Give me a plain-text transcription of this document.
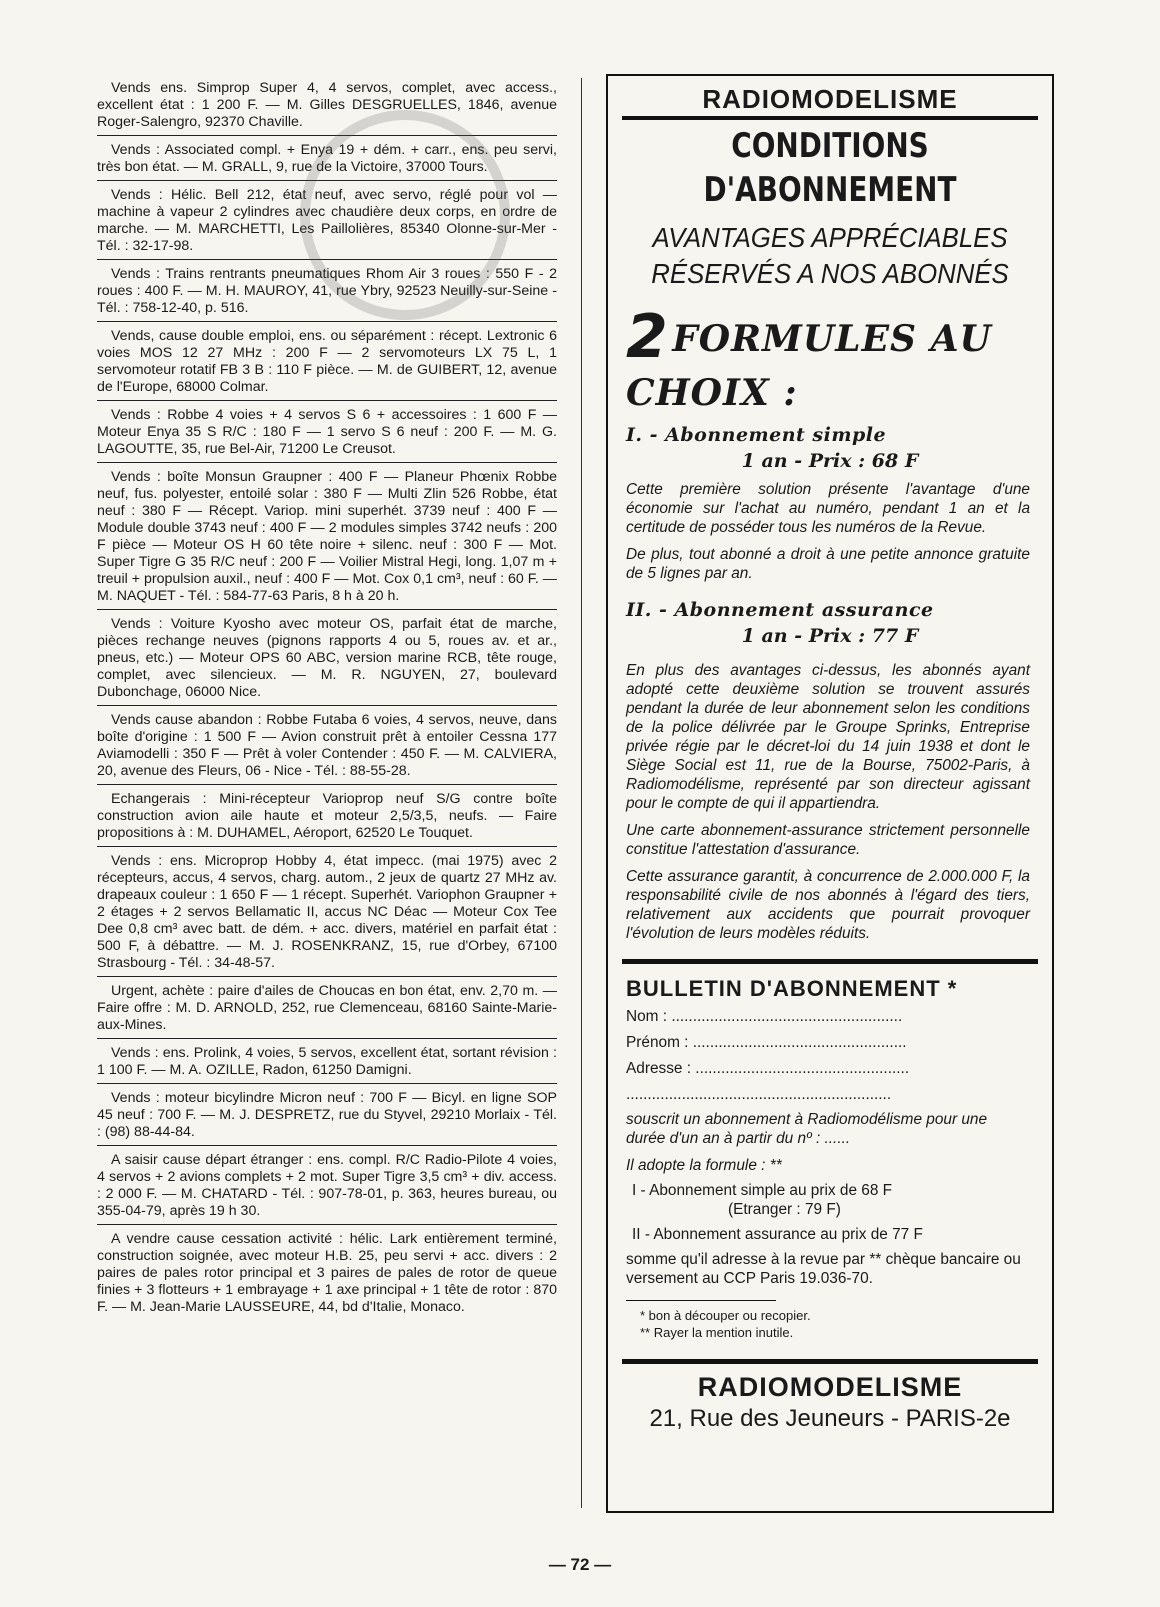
Vends ens. Simprop Super 4, 4 servos, complet, avec access., excellent état : 1 200 F. — M. Gilles DESGRUELLES, 1846, avenue Roger-Salengro, 92370 Chaville.
Vends : Associated compl. + Enya 19 + dém. + carr., ens. peu servi, très bon état. — M. GRALL, 9, rue de la Victoire, 37000 Tours.
Vends : Hélic. Bell 212, état neuf, avec servo, réglé pour vol — machine à vapeur 2 cylindres avec chaudière deux corps, en ordre de marche. — M. MARCHETTI, Les Paillolières, 85340 Olonne-sur-Mer - Tél. : 32-17-98.
Vends : Trains rentrants pneumatiques Rhom Air 3 roues : 550 F - 2 roues : 400 F. — M. H. MAUROY, 41, rue Ybry, 92523 Neuilly-sur-Seine - Tél. : 758-12-40, p. 516.
Vends, cause double emploi, ens. ou séparément : récept. Lextronic 6 voies MOS 12 27 MHz : 200 F — 2 servomoteurs LX 75 L, 1 servomoteur rotatif FB 3 B : 110 F pièce. — M. de GUIBERT, 12, avenue de l'Europe, 68000 Colmar.
Vends : Robbe 4 voies + 4 servos S 6 + accessoires : 1 600 F — Moteur Enya 35 S R/C : 180 F — 1 servo S 6 neuf : 200 F. — M. G. LAGOUTTE, 35, rue Bel-Air, 71200 Le Creusot.
Vends : boîte Monsun Graupner : 400 F — Planeur Phœnix Robbe neuf, fus. polyester, entoilé solar : 380 F — Multi Zlin 526 Robbe, état neuf : 380 F — Récept. Variop. mini superhét. 3739 neuf : 400 F — Module double 3743 neuf : 400 F — 2 modules simples 3742 neufs : 200 F pièce — Moteur OS H 60 tête noire + silenc. neuf : 300 F — Mot. Super Tigre G 35 R/C neuf : 200 F — Voilier Mistral Hegi, long. 1,07 m + treuil + propulsion auxil., neuf : 400 F — Mot. Cox 0,1 cm³, neuf : 60 F. — M. NAQUET - Tél. : 584-77-63 Paris, 8 h à 20 h.
Vends : Voiture Kyosho avec moteur OS, parfait état de marche, pièces rechange neuves (pignons rapports 4 ou 5, roues av. et ar., pneus, etc.) — Moteur OPS 60 ABC, version marine RCB, tête rouge, complet, avec silencieux. — M. R. NGUYEN, 27, boulevard Dubonchage, 06000 Nice.
Vends cause abandon : Robbe Futaba 6 voies, 4 servos, neuve, dans boîte d'origine : 1 500 F — Avion construit prêt à entoiler Cessna 177 Aviamodelli : 350 F — Prêt à voler Contender : 450 F. — M. CALVIERA, 20, avenue des Fleurs, 06 - Nice - Tél. : 88-55-28.
Echangerais : Mini-récepteur Varioprop neuf S/G contre boîte construction avion aile haute et moteur 2,5/3,5, neufs. — Faire propositions à : M. DUHAMEL, Aéroport, 62520 Le Touquet.
Vends : ens. Microprop Hobby 4, état impecc. (mai 1975) avec 2 récepteurs, accus, 4 servos, charg. autom., 2 jeux de quartz 27 MHz av. drapeaux couleur : 1 650 F — 1 récept. Superhét. Variophon Graupner + 2 étages + 2 servos Bellamatic II, accus NC Déac — Moteur Cox Tee Dee 0,8 cm³ avec batt. de dém. + acc. divers, matériel en parfait état : 500 F, à débattre. — M. J. ROSENKRANZ, 15, rue d'Orbey, 67100 Strasbourg - Tél. : 34-48-57.
Urgent, achète : paire d'ailes de Choucas en bon état, env. 2,70 m. — Faire offre : M. D. ARNOLD, 252, rue Clemenceau, 68160 Sainte-Marie-aux-Mines.
Vends : ens. Prolink, 4 voies, 5 servos, excellent état, sortant révision : 1 100 F. — M. A. OZILLE, Radon, 61250 Damigni.
Vends : moteur bicylindre Micron neuf : 700 F — Bicyl. en ligne SOP 45 neuf : 700 F. — M. J. DESPRETZ, rue du Styvel, 29210 Morlaix - Tél. : (98) 88-44-84.
A saisir cause départ étranger : ens. compl. R/C Radio-Pilote 4 voies, 4 servos + 2 avions complets + 2 mot. Super Tigre 3,5 cm³ + div. access. : 2 000 F. — M. CHATARD - Tél. : 907-78-01, p. 363, heures bureau, ou 355-04-79, après 19 h 30.
A vendre cause cessation activité : hélic. Lark entièrement terminé, construction soignée, avec moteur H.B. 25, peu servi + acc. divers : 2 paires de pales rotor principal et 3 paires de pales de rotor de queue finies + 3 flotteurs + 1 embrayage + 1 axe principal + 1 tête de rotor : 870 F. — M. Jean-Marie LAUSSEURE, 44, bd d'Italie, Monaco.
RADIOMODELISME
CONDITIONS
D'ABONNEMENT
AVANTAGES APPRÉCIABLES
RÉSERVÉS A NOS ABONNÉS
2 FORMULES AU CHOIX :
I. - Abonnement simple
1 an - Prix : 68 F
Cette première solution présente l'avantage d'une économie sur l'achat au numéro, pendant 1 an et la certitude de posséder tous les numéros de la Revue.
De plus, tout abonné a droit à une petite annonce gratuite de 5 lignes par an.
II. - Abonnement assurance
1 an - Prix : 77 F
En plus des avantages ci-dessus, les abonnés ayant adopté cette deuxième solution se trouvent assurés pendant la durée de leur abonnement selon les conditions de la police délivrée par le Groupe Sprinks, Entreprise privée régie par le décret-loi du 14 juin 1938 et dont le Siège Social est 11, rue de la Bourse, 75002-Paris, à Radiomodélisme, représenté par son directeur agissant pour le compte de qui il appartiendra.
Une carte abonnement-assurance strictement personnelle constitue l'attestation d'assurance.
Cette assurance garantit, à concurrence de 2.000.000 F, la responsabilité civile de nos abonnés à l'égard des tiers, relativement aux accidents que pourrait provoquer l'évolution de leurs modèles réduits.
BULLETIN D'ABONNEMENT *
Nom : ......................................................
Prénom : ..................................................
Adresse : ..................................................
..............................................................
souscrit un abonnement à Radiomodélisme pour une durée d'un an à partir du nº : ......
Il adopte la formule : **
I - Abonnement simple au prix de 68 F
(Etranger : 79 F)
II - Abonnement assurance au prix de 77 F
somme qu'il adresse à la revue par ** chèque bancaire ou versement au CCP Paris 19.036-70.
* bon à découper ou recopier.
** Rayer la mention inutile.
RADIOMODELISME
21, Rue des Jeuneurs - PARIS-2e
— 72 —
